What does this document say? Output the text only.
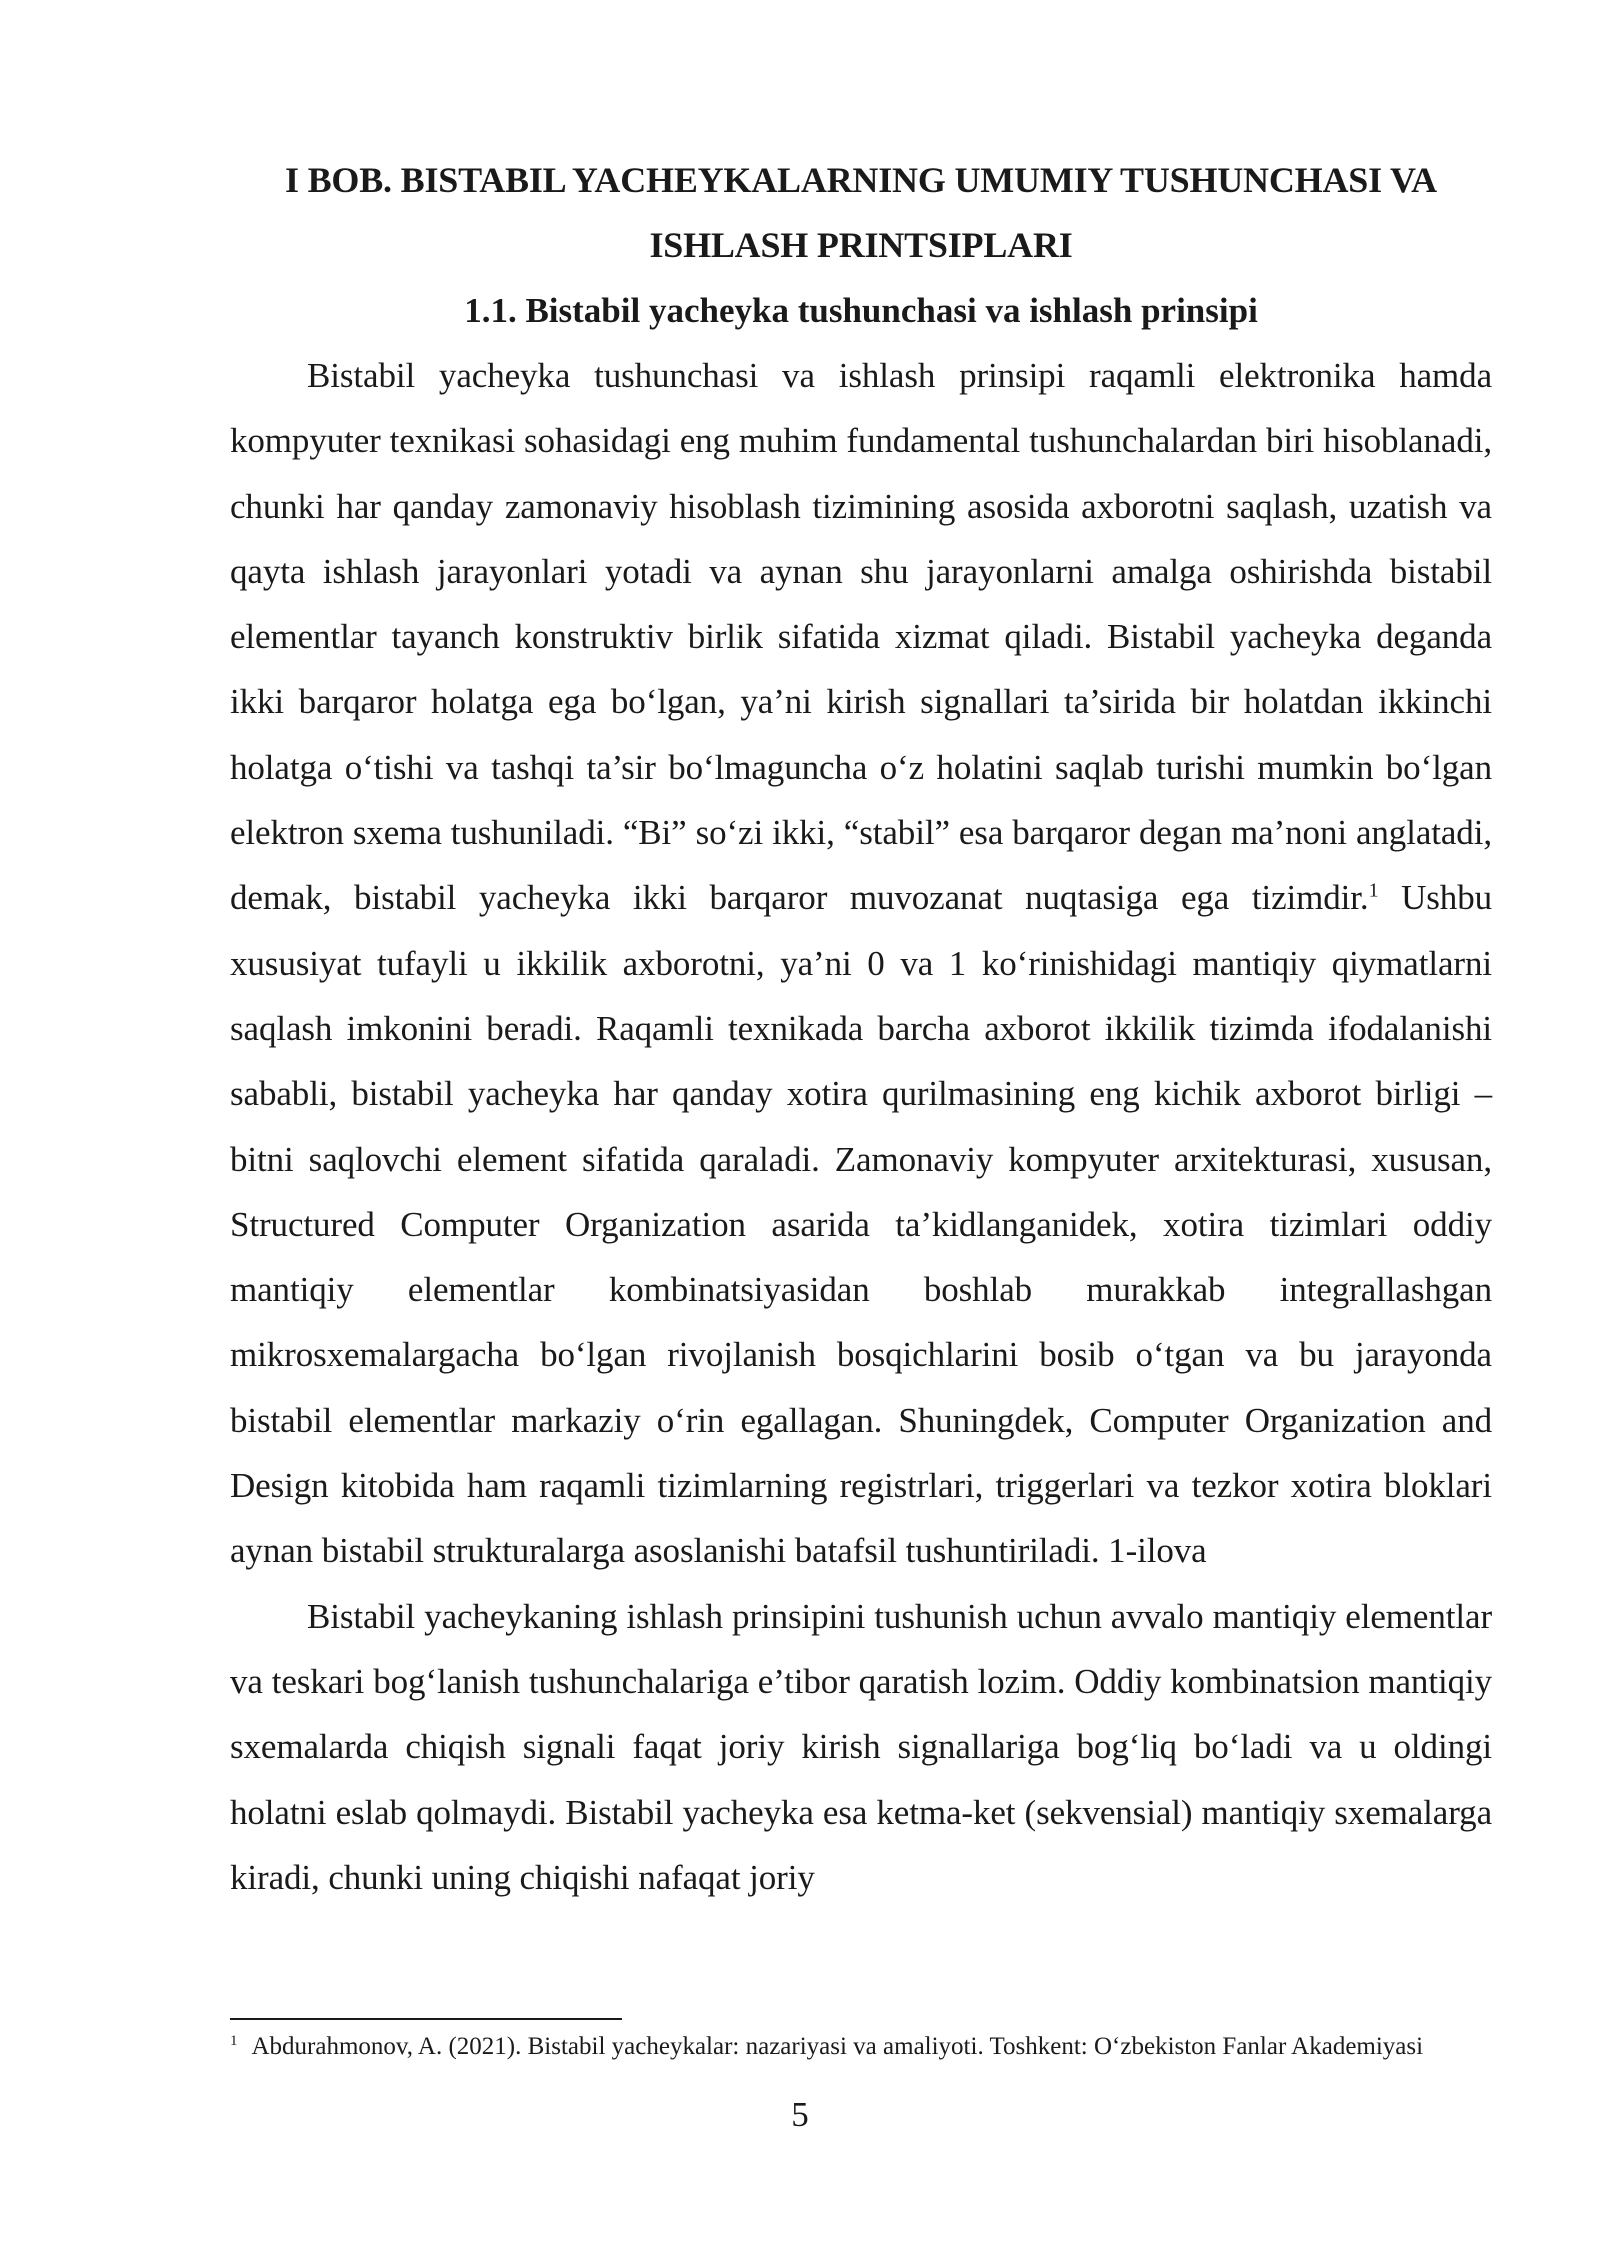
I BOB. BISTABIL YACHEYKALARNING UMUMIY TUSHUNCHASI VA
ISHLASH PRINTSIPLARI
1.1. Bistabil yacheyka tushunchasi va ishlash prinsipi

Bistabil yacheyka tushunchasi va ishlash prinsipi raqamli elektronika hamda kompyuter texnikasi sohasidagi eng muhim fundamental tushunchalardan biri hisoblanadi, chunki har qanday zamonaviy hisoblash tizimining asosida axborotni saqlash, uzatish va qayta ishlash jarayonlari yotadi va aynan shu jarayonlarni amalga oshirishda bistabil elementlar tayanch konstruktiv birlik sifatida xizmat qiladi. Bistabil yacheyka deganda ikki barqaror holatga ega bo‘lgan, ya’ni kirish signallari ta’sirida bir holatdan ikkinchi holatga o‘tishi va tashqi ta’sir bo‘lmaguncha o‘z holatini saqlab turishi mumkin bo‘lgan elektron sxema tushuniladi. “Bi” so‘zi ikki, “stabil” esa barqaror degan ma’noni anglatadi, demak, bistabil yacheyka ikki barqaror muvozanat nuqtasiga ega tizimdir.$^1$ Ushbu xususiyat tufayli u ikkilik axborotni, ya’ni 0 va 1 ko‘rinishidagi mantiqiy qiymatlarni saqlash imkonini beradi. Raqamli texnikada barcha axborot ikkilik tizimda ifodalanishi sababli, bistabil yacheyka har qanday xotira qurilmasining eng kichik axborot birligi – bitni saqlovchi element sifatida qaraladi. Zamonaviy kompyuter arxitekturasi, xususan, Structured Computer Organization asarida ta’kidlanganidek, xotira tizimlari oddiy mantiqiy elementlar kombinatsiyasidan boshlab murakkab integrallashgan mikrosxemalargacha bo‘lgan rivojlanish bosqichlarini bosib o‘tgan va bu jarayonda bistabil elementlar markaziy o‘rin egallagan. Shuningdek, Computer Organization and Design kitobida ham raqamli tizimlarning registrlari, triggerlari va tezkor xotira bloklari aynan bistabil strukturalarga asoslanishi batafsil tushuntiriladi. 1-ilova

Bistabil yacheykaning ishlash prinsipini tushunish uchun avvalo mantiqiy elementlar va teskari bog‘lanish tushunchalariga e’tibor qaratish lozim. Oddiy kombinatsion mantiqiy sxemalarda chiqish signali faqat joriy kirish signallariga bog‘liq bo‘ladi va u oldingi holatni eslab qolmaydi. Bistabil yacheyka esa ketma-ket (sekvensial) mantiqiy sxemalarga kiradi, chunki uning chiqishi nafaqat joriy

$^1$ Abdurahmonov, A. (2021). Bistabil yacheykalar: nazariyasi va amaliyoti. Toshkent: O‘zbekiston Fanlar Akademiyasi

5
